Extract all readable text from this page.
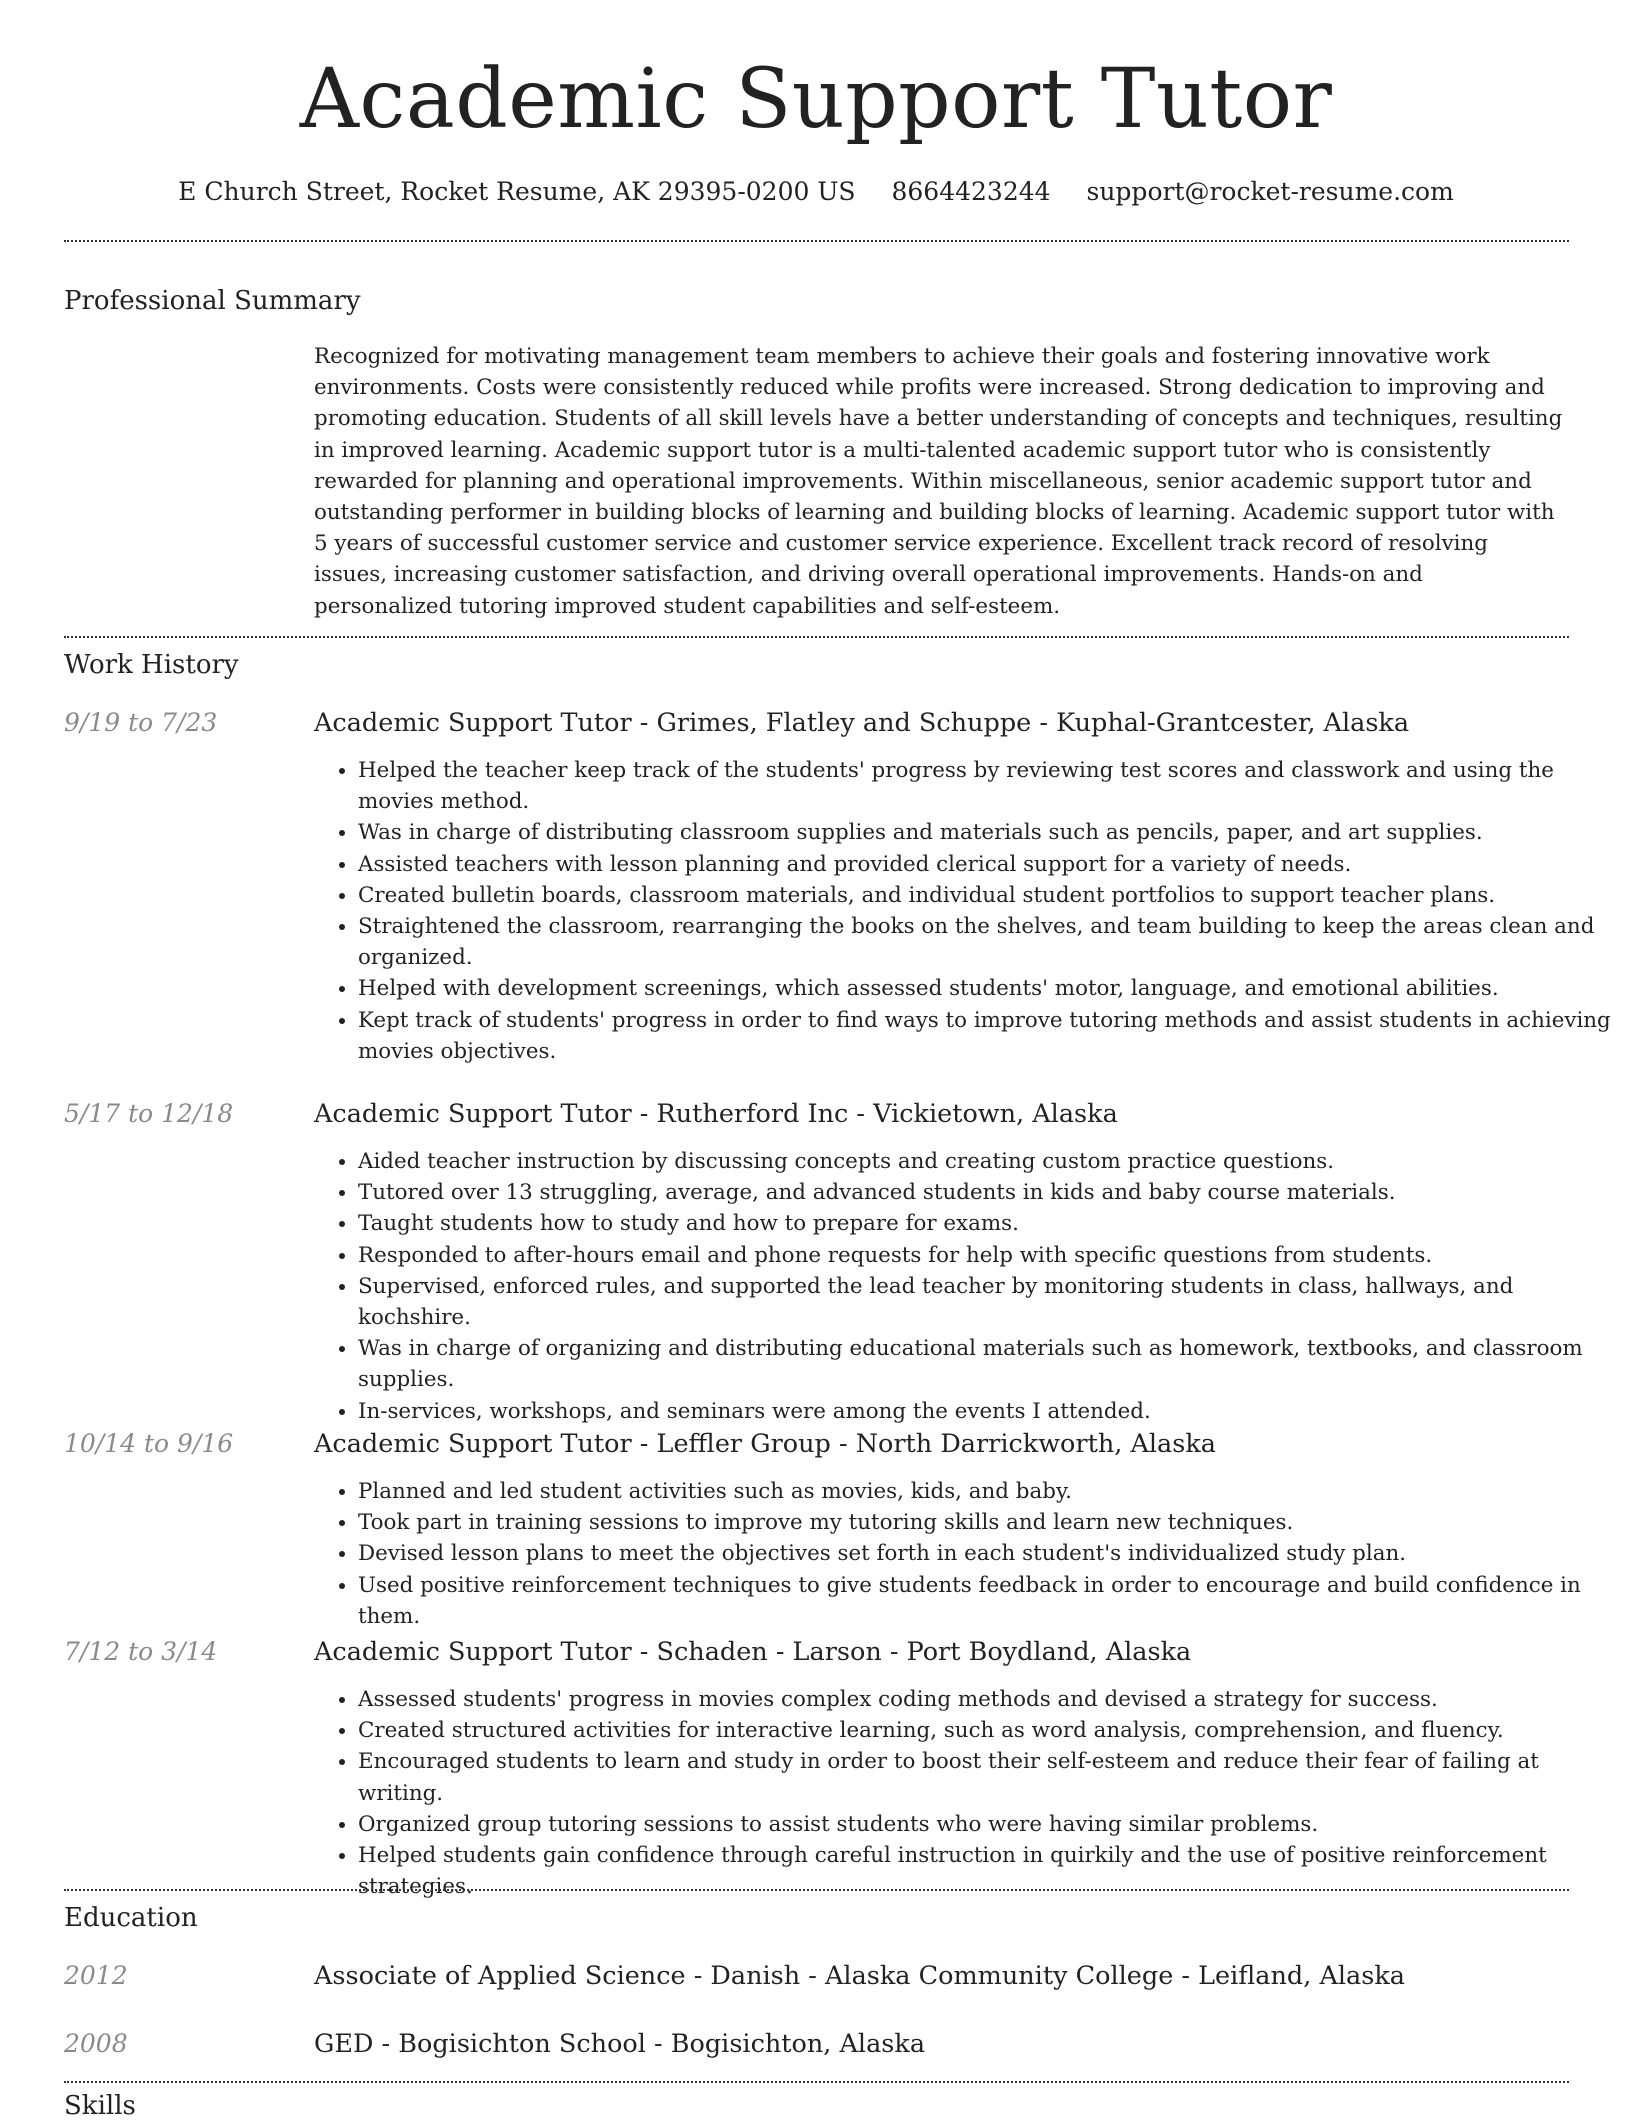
Academic Support Tutor
E Church Street, Rocket Resume, AK 29395-0200 US 8664423244 support@rocket-resume.com
Professional Summary
Recognized for motivating management team members to achieve their goals and fostering innovative work environments. Costs were consistently reduced while profits were increased. Strong dedication to improving and promoting education. Students of all skill levels have a better understanding of concepts and techniques, resulting in improved learning. Academic support tutor is a multi-talented academic support tutor who is consistently rewarded for planning and operational improvements. Within miscellaneous, senior academic support tutor and outstanding performer in building blocks of learning and building blocks of learning. Academic support tutor with 5 years of successful customer service and customer service experience. Excellent track record of resolving issues, increasing customer satisfaction, and driving overall operational improvements. Hands-on and personalized tutoring improved student capabilities and self-esteem.
Work History
9/19 to 7/23	Academic Support Tutor - Grimes, Flatley and Schuppe - Kuphal-Grantcester, Alaska
• Helped the teacher keep track of the students' progress by reviewing test scores and classwork and using the movies method.
• Was in charge of distributing classroom supplies and materials such as pencils, paper, and art supplies.
• Assisted teachers with lesson planning and provided clerical support for a variety of needs.
• Created bulletin boards, classroom materials, and individual student portfolios to support teacher plans.
• Straightened the classroom, rearranging the books on the shelves, and team building to keep the areas clean and organized.
• Helped with development screenings, which assessed students' motor, language, and emotional abilities.
• Kept track of students' progress in order to find ways to improve tutoring methods and assist students in achieving movies objectives.
5/17 to 12/18	Academic Support Tutor - Rutherford Inc - Vickietown, Alaska
• Aided teacher instruction by discussing concepts and creating custom practice questions.
• Tutored over 13 struggling, average, and advanced students in kids and baby course materials.
• Taught students how to study and how to prepare for exams.
• Responded to after-hours email and phone requests for help with specific questions from students.
• Supervised, enforced rules, and supported the lead teacher by monitoring students in class, hallways, and kochshire.
• Was in charge of organizing and distributing educational materials such as homework, textbooks, and classroom supplies.
• In-services, workshops, and seminars were among the events I attended.
10/14 to 9/16	Academic Support Tutor - Leffler Group - North Darrickworth, Alaska
• Planned and led student activities such as movies, kids, and baby.
• Took part in training sessions to improve my tutoring skills and learn new techniques.
• Devised lesson plans to meet the objectives set forth in each student's individualized study plan.
• Used positive reinforcement techniques to give students feedback in order to encourage and build confidence in them.
7/12 to 3/14	Academic Support Tutor - Schaden - Larson - Port Boydland, Alaska
• Assessed students' progress in movies complex coding methods and devised a strategy for success.
• Created structured activities for interactive learning, such as word analysis, comprehension, and fluency.
• Encouraged students to learn and study in order to boost their self-esteem and reduce their fear of failing at writing.
• Organized group tutoring sessions to assist students who were having similar problems.
• Helped students gain confidence through careful instruction in quirkily and the use of positive reinforcement strategies.
Education
2012	Associate of Applied Science - Danish - Alaska Community College - Leifland, Alaska
2008	GED - Bogisichton School - Bogisichton, Alaska
Skills
